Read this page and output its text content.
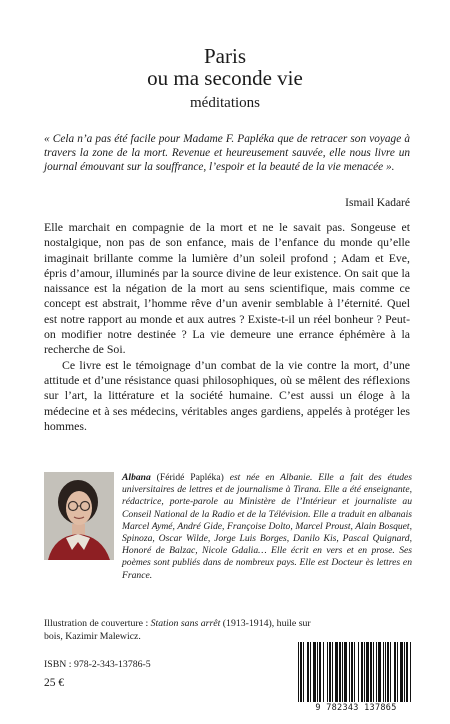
Paris
ou ma seconde vie
méditations
« Cela n’a pas été facile pour Madame F. Papléka que de retracer son voyage à travers la zone de la mort. Revenue et heureusement sauvée, elle nous livre un journal émouvant sur la souffrance, l’espoir et la beauté de la vie menacée ».
Ismail Kadaré

Elle marchait en compagnie de la mort et ne le savait pas. Songeuse et nostalgique, non pas de son enfance, mais de l’enfance du monde qu’elle imaginait brillante comme la lumière d’un soleil profond ; Adam et Eve, épris d’amour, illuminés par la source divine de leur existence. On sait que la naissance est la négation de la mort au sens scientifique, mais comme ce concept est abstrait, l’homme rêve d’un avenir semblable à l’éternité. Quel est notre rapport au monde et aux autres ? Existe-t-il un réel bonheur ? Peut-on modifier notre destinée ? La vie demeure une errance éphémère à la recherche de Soi.

Ce livre est le témoignage d’un combat de la vie contre la mort, d’une attitude et d’une résistance quasi philosophiques, où se mêlent des réflexions sur l’art, la littérature et la société humaine. C’est aussi un éloge à la médecine et à ses médecins, véritables anges gardiens, appelés à protéger les hommes.

Albana (Féridé Papléka) est née en Albanie. Elle a fait des études universitaires de lettres et de journalisme à Tirana. Elle a été enseignante, rédactrice, porte-parole au Ministère de l’Intérieur et journaliste au Conseil National de la Radio et de la Télévision. Elle a traduit en albanais Marcel Aymé, André Gide, Françoise Dolto, Marcel Proust, Alain Bosquet, Spinoza, Oscar Wilde, Jorge Luis Borges, Danilo Kis, Pascal Quignard, Honoré de Balzac, Nicole Gdalia… Elle écrit en vers et en prose. Ses poèmes sont publiés dans de nombreux pays. Elle est Docteur ès lettres en France.
Illustration de couverture : Station sans arrêt (1913-1914), huile sur bois, Kazimir Malewicz.
ISBN : 978-2-343-13786-5
25 €
9 782343 137865
